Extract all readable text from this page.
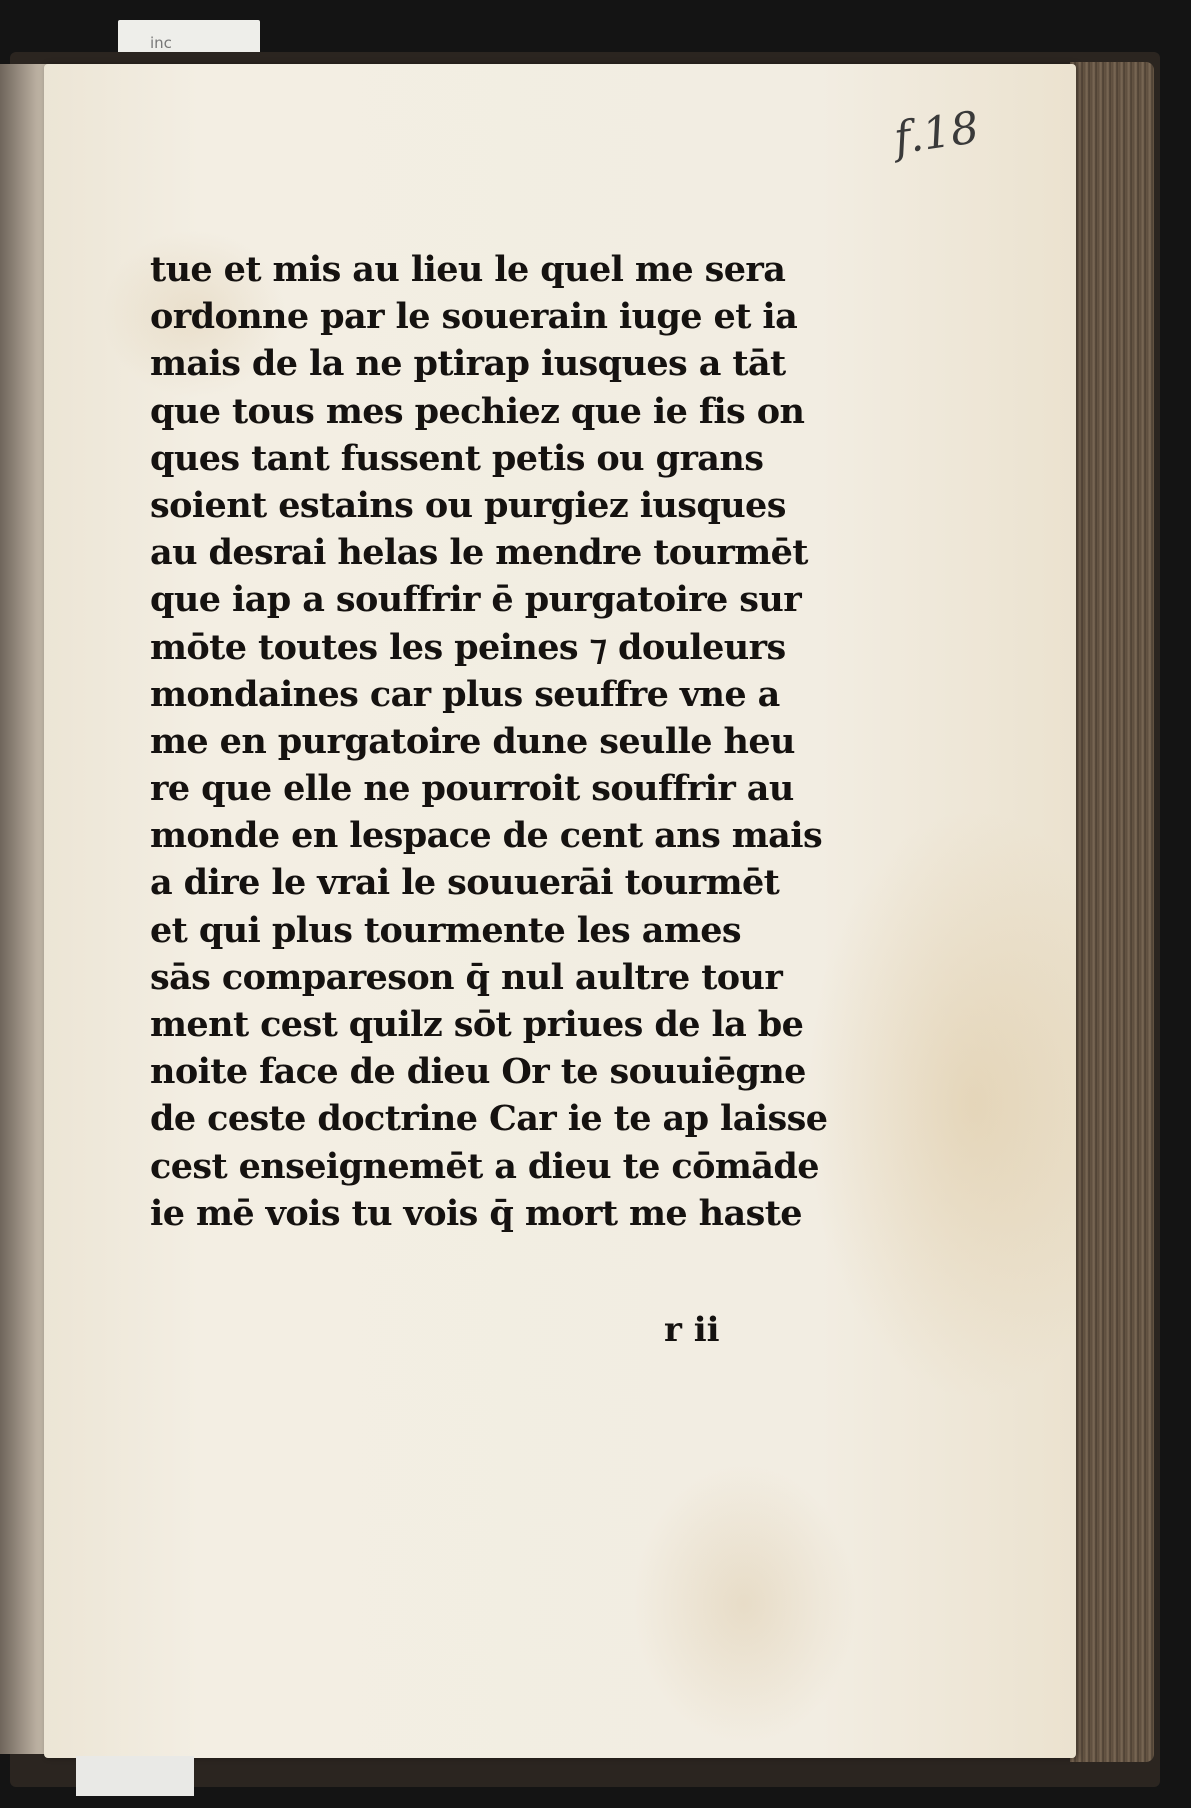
inc
f.18
tue et mis au lieu le quel me sera
ordonne par le souerain iuge et ia
mais de la ne ptirap iusques a tāt
que tous mes pechiez que ie fis on
ques tant fussent petis ou grans
soient estains ou purgiez iusques
au desrai helas le mendre tourmēt
que iap a souffrir ē purgatoire sur
mōte toutes les peines ⁊ douleurs
mondaines car plus seuffre vne a
me en purgatoire dune seulle heu
re que elle ne pourroit souffrir au
monde en lespace de cent ans mais
a dire le vrai le souuerāi tourmēt
et qui plus tourmente les ames
sās compareson q̄ nul aultre tour
ment cest quilz sōt priues de la be
noite face de dieu Or te souuiēgne
de ceste doctrine Car ie te ap laisse
cest enseignemēt a dieu te cōmāde
ie mē vois tu vois q̄ mort me haste
r ii
